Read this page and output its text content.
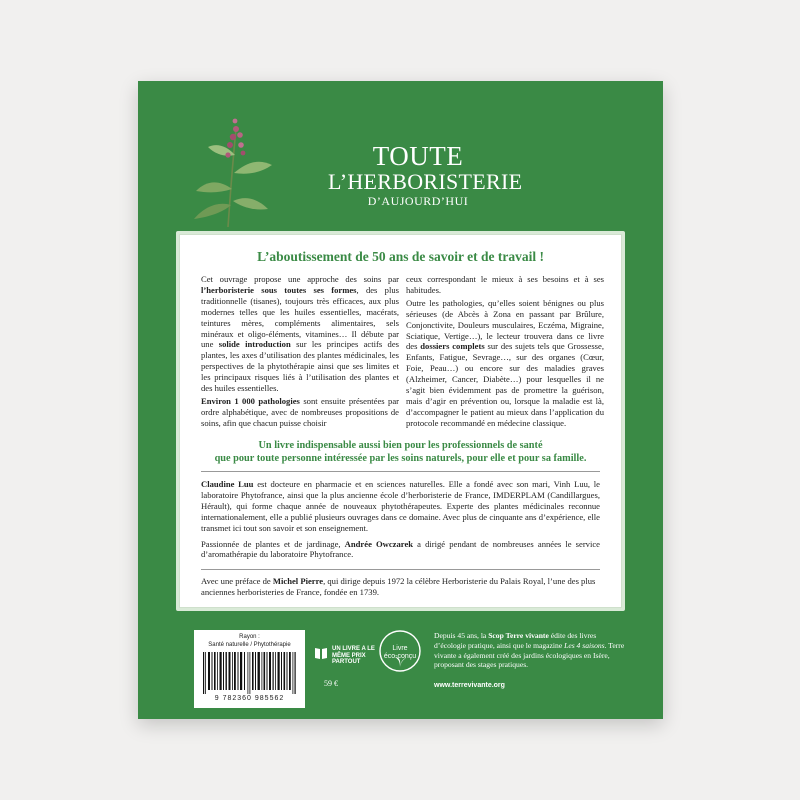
TOUTE
L’HERBORISTERIE
D’AUJOURD’HUI
L’aboutissement de 50 ans de savoir et de travail !

Cet ouvrage propose une approche des soins par l’herboristerie sous toutes ses formes, des plus traditionnelle (tisanes), toujours très efficaces, aux plus modernes telles que les huiles essentielles, macérats, teintures mères, compléments alimentaires, sels minéraux et oligo-éléments, vitamines… Il débute par une solide introduction sur les principes actifs des plantes, les axes d’utilisation des plantes médicinales, les perspectives de la phytothérapie ainsi que ses limites et les principaux risques liés à l’utilisation des plantes et des huiles essentielles.

Environ 1 000 pathologies sont ensuite présentées par ordre alphabétique, avec de nombreuses propositions de soins, afin que chacun puisse choisir

ceux correspondant le mieux à ses besoins et à ses habitudes.

Outre les pathologies, qu’elles soient bénignes ou plus sérieuses (de Abcès à Zona en passant par Brûlure, Conjonctivite, Douleurs musculaires, Eczéma, Migraine, Sciatique, Vertige…), le lecteur trouvera dans ce livre des dossiers complets sur des sujets tels que Grossesse, Enfants, Fatigue, Sevrage…, sur des organes (Cœur, Foie, Peau…) ou encore sur des maladies graves (Alzheimer, Cancer, Diabète…) pour lesquelles il ne s’agit bien évidemment pas de promettre la guérison, mais d’agir en prévention ou, lorsque la maladie est là, d’accompagner le patient au mieux dans l’application du protocole recommandé en médecine classique.

Un livre indispensable aussi bien pour les professionnels de santé
que pour toute personne intéressée par les soins naturels, pour elle et pour sa famille.

Claudine Luu est docteure en pharmacie et en sciences naturelles. Elle a fondé avec son mari, Vinh Luu, le laboratoire Phytofrance, ainsi que la plus ancienne école d’herboristerie de France, IMDERPLAM (Candillargues, Hérault), qui forme chaque année de nouveaux phytothérapeutes. Experte des plantes médicinales reconnue internationalement, elle a publié plusieurs ouvrages dans ce domaine. Avec plus de cinquante ans d’expérience, elle transmet ici tout son savoir et son enseignement.

Passionnée de plantes et de jardinage, Andrée Owczarek a dirigé pendant de nombreuses années le service d’aromathérapie du laboratoire Phytofrance.

Avec une préface de Michel Pierre, qui dirige depuis 1972 la célèbre Herboristerie du Palais Royal, l’une des plus anciennes herboristeries de France, fondée en 1739.
Rayon :
Santé naturelle / Phytothérapie
9 782360 985562
UN LIVRE A LE MÊME PRIX PARTOUT
59 €
Livre
éco-conçu

Depuis 45 ans, la Scop Terre vivante édite des livres d’écologie pratique, ainsi que le magazine Les 4 saisons. Terre vivante a également créé des jardins écologiques en Isère, proposant des stages pratiques.

www.terrevivante.org
